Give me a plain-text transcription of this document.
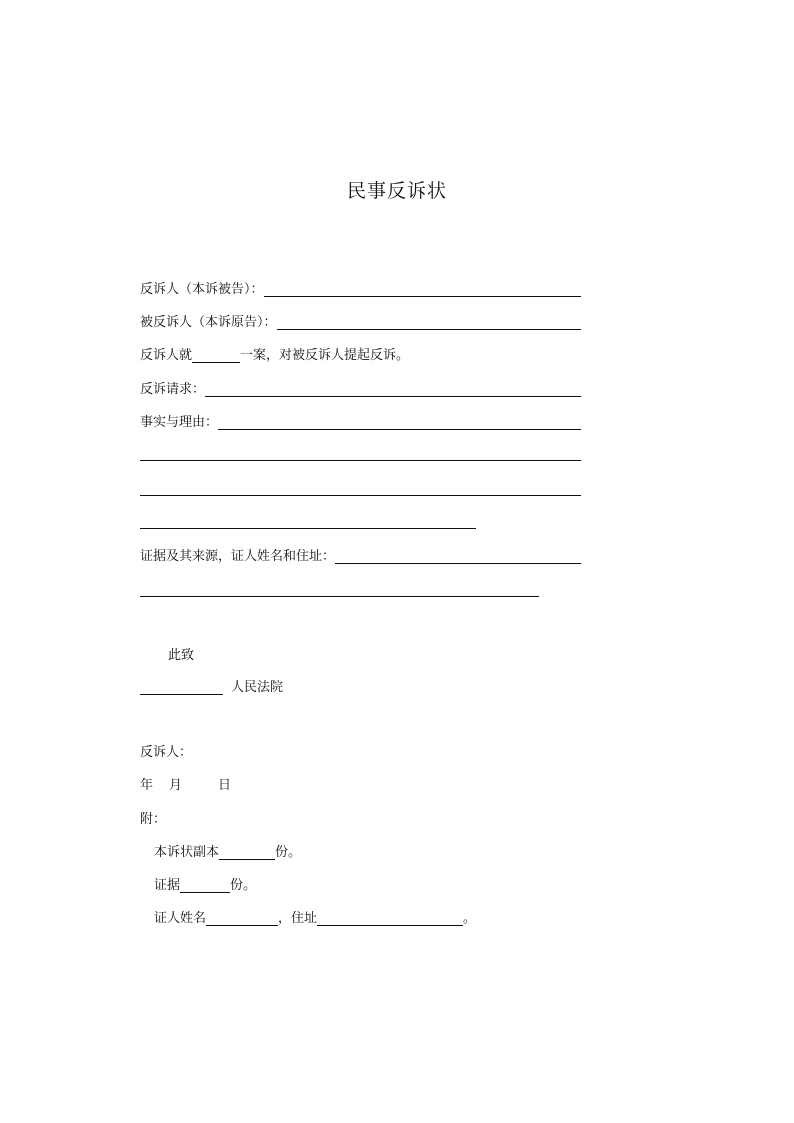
民事反诉状
反诉人（本诉被告）：
被反诉人（本诉原告）：
反诉人就	一案，对被反诉人提起反诉。
反诉请求：
事实与理由：
证据及其来源，证人姓名和住址：
此致
人民法院
反诉人：
年 月	日
附：
本诉状副本	份。
证据	份。
证人姓名	，住址	。
